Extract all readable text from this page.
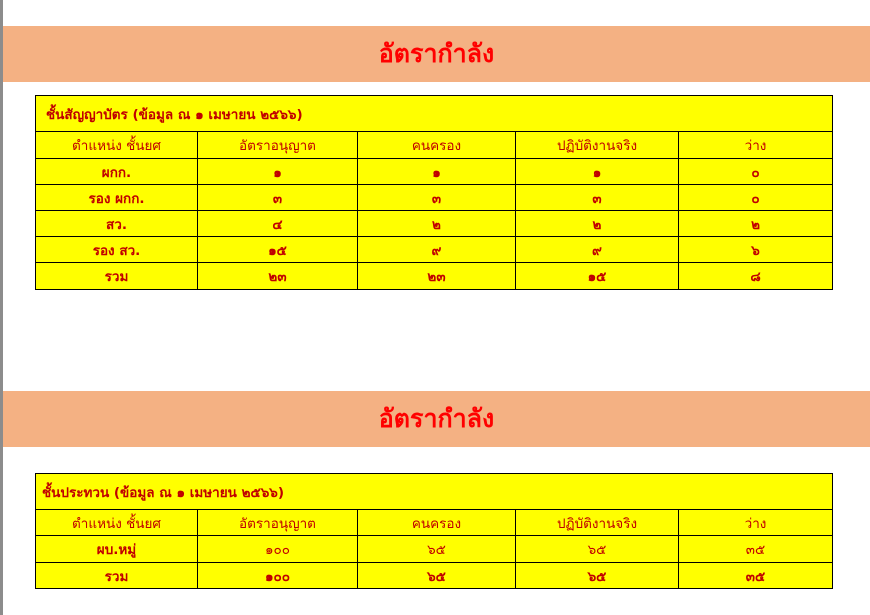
อัตรากำลัง
ชั้นสัญญาบัตร (ข้อมูล ณ ๑ เมษายน ๒๕๖๖)				
ตำแหน่ง ชั้นยศ	อัตราอนุญาต	คนครอง	ปฏิบัติงานจริง	ว่าง
ผกก.	๑	๑	๑	๐
รอง ผกก.	๓	๓	๓	๐
สว.	๔	๒	๒	๒
รอง สว.	๑๕	๙	๙	๖
รวม	๒๓	๒๓	๑๕	๘
อัตรากำลัง
ชั้นประทวน (ข้อมูล ณ ๑ เมษายน ๒๕๖๖)				
ตำแหน่ง ชั้นยศ	อัตราอนุญาต	คนครอง	ปฏิบัติงานจริง	ว่าง
ผบ.หมู่	๑๐๐	๖๕	๖๕	๓๕
รวม	๑๐๐	๖๕	๖๕	๓๕
